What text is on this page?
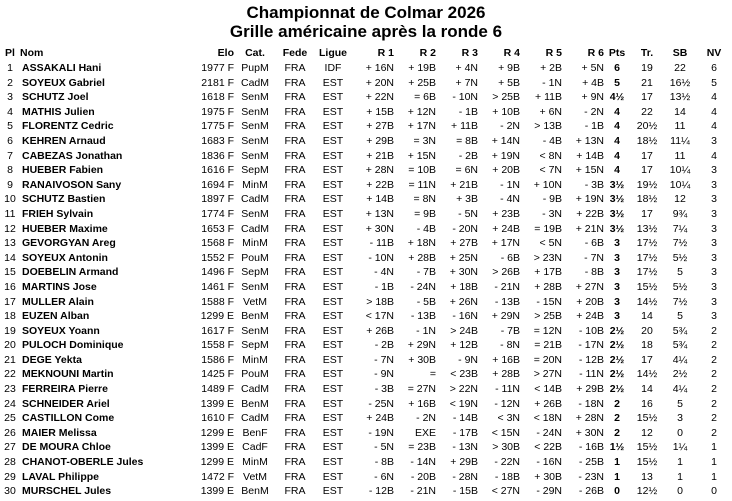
Championnat de Colmar 2026
Grille américaine après la ronde 6
Pl	Nom	Elo	Cat.	Fede	Ligue	R 1	R 2	R 3	R 4	R 5	R 6	Pts	Tr.	SB	NV
1	ASSAKALI Hani	1977 F	PupM	FRA	IDF	+ 16N	+ 19B	+ 4N	+ 9B	+ 2B	+ 5N	6	19	22	6
2	SOYEUX Gabriel	2181 F	CadM	FRA	EST	+ 20N	+ 25B	+ 7N	+ 5B	- 1N	+ 4B	5	21	16½	5
3	SCHUTZ Joel	1618 F	SenM	FRA	EST	+ 22N	= 6B	- 10N	> 25B	+ 11B	+ 9N	4½	17	13½	4
4	MATHIS Julien	1975 F	SenM	FRA	EST	+ 15B	+ 12N	- 1B	+ 10B	+ 6N	- 2N	4	22	14	4
5	FLORENTZ Cedric	1775 F	SenM	FRA	EST	+ 27B	+ 17N	+ 11B	- 2N	> 13B	- 1B	4	20½	11	4
6	KEHREN Arnaud	1683 F	SenM	FRA	EST	+ 29B	= 3N	= 8B	+ 14N	- 4B	+ 13N	4	18½	11¼	3
7	CABEZAS Jonathan	1836 F	SenM	FRA	EST	+ 21B	+ 15N	- 2B	+ 19N	< 8N	+ 14B	4	17	11	4
8	HUEBER Fabien	1616 F	SepM	FRA	EST	+ 28N	= 10B	= 6N	+ 20B	< 7N	+ 15N	4	17	10¼	3
9	RANAIVOSON Sany	1694 F	MinM	FRA	EST	+ 22B	= 11N	+ 21B	- 1N	+ 10N	- 3B	3½	19½	10¼	3
10	SCHUTZ Bastien	1897 F	CadM	FRA	EST	+ 14B	= 8N	+ 3B	- 4N	- 9B	+ 19N	3½	18½	12	3
11	FRIEH Sylvain	1774 F	SenM	FRA	EST	+ 13N	= 9B	- 5N	+ 23B	- 3N	+ 22B	3½	17	9¾	3
12	HUEBER Maxime	1653 F	CadM	FRA	EST	+ 30N	- 4B	- 20N	+ 24B	= 19B	+ 21N	3½	13½	7¼	3
13	GEVORGYAN Areg	1568 F	MinM	FRA	EST	- 11B	+ 18N	+ 27B	+ 17N	< 5N	- 6B	3	17½	7½	3
14	SOYEUX Antonin	1552 F	PouM	FRA	EST	- 10N	+ 28B	+ 25N	- 6B	> 23N	- 7N	3	17½	5½	3
15	DOEBELIN Armand	1496 F	SepM	FRA	EST	- 4N	- 7B	+ 30N	> 26B	+ 17B	- 8B	3	17½	5	3
16	MARTINS Jose	1461 F	SenM	FRA	EST	- 1B	- 24N	+ 18B	- 21N	+ 28B	+ 27N	3	15½	5½	3
17	MULLER Alain	1588 F	VetM	FRA	EST	> 18B	- 5B	+ 26N	- 13B	- 15N	+ 20B	3	14½	7½	3
18	EUZEN Alban	1299 E	BenM	FRA	EST	< 17N	- 13B	- 16N	+ 29N	> 25B	+ 24B	3	14	5	3
19	SOYEUX Yoann	1617 F	SenM	FRA	EST	+ 26B	- 1N	> 24B	- 7B	= 12N	- 10B	2½	20	5¾	2
20	PULOCH Dominique	1558 F	SepM	FRA	EST	- 2B	+ 29N	+ 12B	- 8N	= 21B	- 17N	2½	18	5¾	2
21	DEGE Yekta	1586 F	MinM	FRA	EST	- 7N	+ 30B	- 9N	+ 16B	= 20N	- 12B	2½	17	4¼	2
22	MEKNOUNI Martin	1425 F	PouM	FRA	EST	- 9N	=	< 23B	+ 28B	> 27N	- 11N	2½	14½	2½	2
23	FERREIRA Pierre	1489 F	CadM	FRA	EST	- 3B	= 27N	> 22N	- 11N	< 14B	+ 29B	2½	14	4¼	2
24	SCHNEIDER Ariel	1399 E	BenM	FRA	EST	- 25N	+ 16B	< 19N	- 12N	+ 26B	- 18N	2	16	5	2
25	CASTILLON Come	1610 F	CadM	FRA	EST	+ 24B	- 2N	- 14B	< 3N	< 18N	+ 28N	2	15½	3	2
26	MAIER Melissa	1299 E	BenF	FRA	EST	- 19N	EXE	- 17B	< 15N	- 24N	+ 30N	2	12	0	2
27	DE MOURA Chloe	1399 E	CadF	FRA	EST	- 5N	= 23B	- 13N	> 30B	< 22B	- 16B	1½	15½	1¼	1
28	CHANOT-OBERLE Jules	1299 E	MinM	FRA	EST	- 8B	- 14N	+ 29B	- 22N	- 16N	- 25B	1	15½	1	1
29	LAVAL Philippe	1472 F	VetM	FRA	EST	- 6N	- 20B	- 28N	- 18B	+ 30B	- 23N	1	13	1	1
30	MURSCHEL Jules	1399 E	BenM	FRA	EST	- 12B	- 21N	- 15B	< 27N	- 29N	- 26B	0	12½	0	0
